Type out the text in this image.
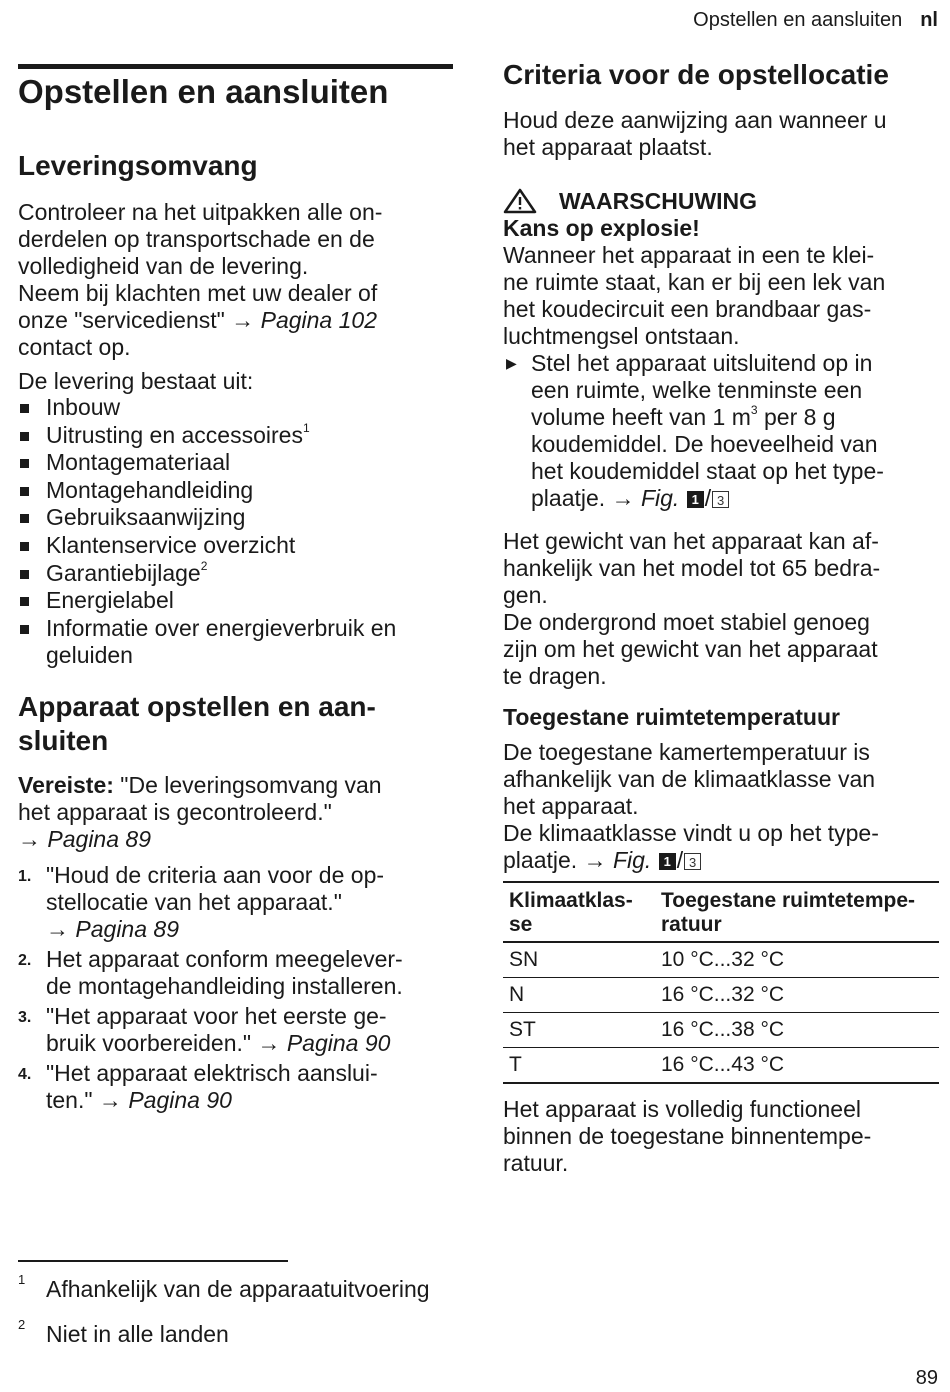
Opstellen en aansluiten nl
Opstellen en aansluiten
Leveringsomvang

Controleer na het uitpakken alle on-

derdelen op transportschade en de

volledigheid van de levering.

Neem bij klachten met uw dealer of

onze "servicedienst" → Pagina 102

contact op.

De levering bestaat uit:

Inbouw
Uitrusting en accessoires$^1$
Montagemateriaal
Montagehandleiding
Gebruiksaanwijzing
Klantenservice overzicht
Garantiebijlage$^2$
Energielabel
Informatie over energieverbruik en
geluiden
Apparaat opstellen en aan-
sluiten

Vereiste: "De leveringsomvang van

het apparaat is gecontroleerd."

→ Pagina 89

1. "Houd de criteria aan voor de op-
stellocatie van het apparaat."
→ Pagina 89
2. Het apparaat conform meegelever-
de montagehandleiding installeren.
3. "Het apparaat voor het eerste ge-
bruik voorbereiden." → Pagina 90
4. "Het apparaat elektrisch aanslui-
ten." → Pagina 90
Criteria voor de opstellocatie

Houd deze aanwijzing aan wanneer u

het apparaat plaatst.

WAARSCHUWING

Kans op explosie!

Wanneer het apparaat in een te klei-

ne ruimte staat, kan er bij een lek van

het koudecircuit een brandbaar gas-

luchtmengsel ontstaan.

▶ Stel het apparaat uitsluitend op in

een ruimte, welke tenminste een

volume heeft van 1 $m^3$ per 8 g

koudemiddel. De hoeveelheid van

het koudemiddel staat op het type-

plaatje. → Fig. 1 / 3

Het gewicht van het apparaat kan af-

hankelijk van het model tot 65 bedra-

gen.

De ondergrond moet stabiel genoeg

zijn om het gewicht van het apparaat

te dragen.

Toegestane ruimtetemperatuur

De toegestane kamertemperatuur is

afhankelijk van de klimaatklasse van

het apparaat.

De klimaatklasse vindt u op het type-

plaatje. → Fig. 1 / 3

Klimaatklas-
se	Toegestane ruimtetempe-
ratuur
SN	10 °C...32 °C
N	16 °C...32 °C
ST	16 °C...38 °C
T	16 °C...43 °C

Het apparaat is volledig functioneel

binnen de toegestane binnentempe-

ratuur.

1 Afhankelijk van de apparaatuitvoering
2 Niet in alle landen
89
